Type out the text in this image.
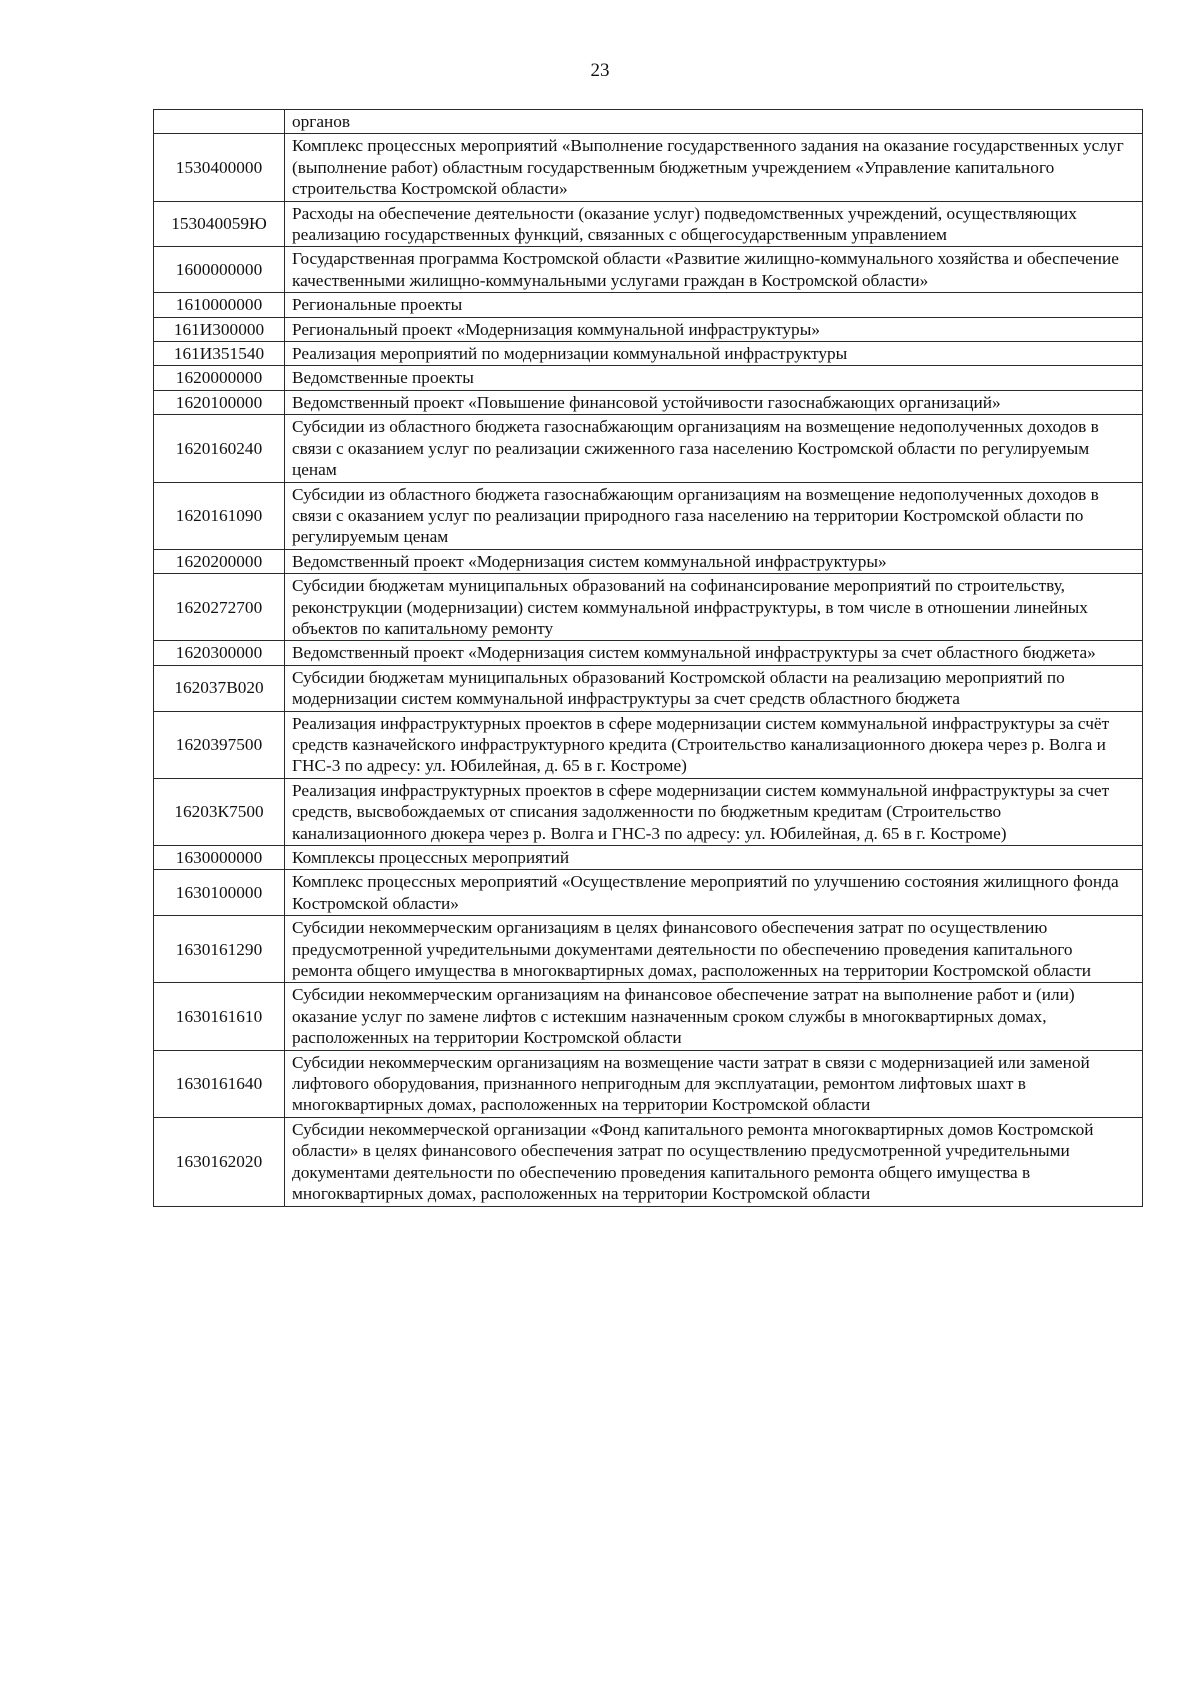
23
	органов
1530400000	Комплекс процессных мероприятий «Выполнение государственного задания на оказание государственных услуг (выполнение работ) областным государственным бюджетным учреждением «Управление капитального строительства Костромской области»
153040059Ю	Расходы на обеспечение деятельности (оказание услуг) подведомственных учреждений, осуществляющих реализацию государственных функций, связанных с общегосударственным управлением
1600000000	Государственная программа Костромской области «Развитие жилищно-коммунального хозяйства и обеспечение качественными жилищно-коммунальными услугами граждан в Костромской области»
1610000000	Региональные проекты
161И300000	Региональный проект «Модернизация коммунальной инфраструктуры»
161И351540	Реализация мероприятий по модернизации коммунальной инфраструктуры
1620000000	Ведомственные проекты
1620100000	Ведомственный проект «Повышение финансовой устойчивости газоснабжающих организаций»
1620160240	Субсидии из областного бюджета газоснабжающим организациям на возмещение недополученных доходов в связи с оказанием услуг по реализации сжиженного газа населению Костромской области по регулируемым ценам
1620161090	Субсидии из областного бюджета газоснабжающим организациям на возмещение недополученных доходов в связи с оказанием услуг по реализации природного газа населению на территории Костромской области по регулируемым ценам
1620200000	Ведомственный проект «Модернизация систем коммунальной инфраструктуры»
1620272700	Субсидии бюджетам муниципальных образований на софинансирование мероприятий по строительству, реконструкции (модернизации) систем коммунальной инфраструктуры, в том числе в отношении линейных объектов по капитальному ремонту
1620300000	Ведомственный проект «Модернизация систем коммунальной инфраструктуры за счет областного бюджета»
162037В020	Субсидии бюджетам муниципальных образований Костромской области на реализацию мероприятий по модернизации систем коммунальной инфраструктуры за счет средств областного бюджета
1620397500	Реализация инфраструктурных проектов в сфере модернизации систем коммунальной инфраструктуры за счёт средств казначейского инфраструктурного кредита (Строительство канализационного дюкера через р. Волга и ГНС-3 по адресу: ул. Юбилейная, д. 65 в г. Костроме)
16203К7500	Реализация инфраструктурных проектов в сфере модернизации систем коммунальной инфраструктуры за счет средств, высвобождаемых от списания задолженности по бюджетным кредитам (Строительство канализационного дюкера через р. Волга и ГНС-3 по адресу: ул. Юбилейная, д. 65 в г. Костроме)
1630000000	Комплексы процессных мероприятий
1630100000	Комплекс процессных мероприятий «Осуществление мероприятий по улучшению состояния жилищного фонда Костромской области»
1630161290	Субсидии некоммерческим организациям в целях финансового обеспечения затрат по осуществлению предусмотренной учредительными документами деятельности по обеспечению проведения капитального ремонта общего имущества в многоквартирных домах, расположенных на территории Костромской области
1630161610	Субсидии некоммерческим организациям на финансовое обеспечение затрат на выполнение работ и (или) оказание услуг по замене лифтов с истекшим назначенным сроком службы в многоквартирных домах, расположенных на территории Костромской области
1630161640	Субсидии некоммерческим организациям на возмещение части затрат в связи с модернизацией или заменой лифтового оборудования, признанного непригодным для эксплуатации, ремонтом лифтовых шахт в многоквартирных домах, расположенных на территории Костромской области
1630162020	Субсидии некоммерческой организации «Фонд капитального ремонта многоквартирных домов Костромской области» в целях финансового обеспечения затрат по осуществлению предусмотренной учредительными документами деятельности по обеспечению проведения капитального ремонта общего имущества в многоквартирных домах, расположенных на территории Костромской области
